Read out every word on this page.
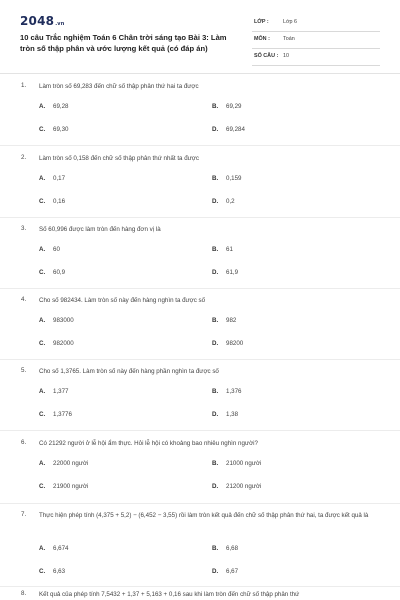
2048.vn
10 câu Trắc nghiệm Toán 6 Chân trời sáng tạo Bài 3: Làm tròn số thập phân và ước lượng kết quả (có đáp án)
LỚP :	Lớp 6
MÔN : Toán
SỐ CÂU : 10
1. Làm tròn số 69,283 đến chữ số thập phân thứ hai ta được
A. 69,28	B. 69,29
C. 69,30	D. 69,284
2. Làm tròn số 0,158 đến chữ số thập phân thứ nhất ta được
A. 0,17	B. 0,159
C. 0,16	D. 0,2
3. Số 60,996 được làm tròn đến hàng đơn vị là
A. 60	B. 61
C. 60,9	D. 61,9
4. Cho số 982434. Làm tròn số này đến hàng nghìn ta được số
A. 983000	B. 982
C. 982000	D. 98200
5. Cho số 1,3765. Làm tròn số này đến hàng phần nghìn ta được số
A. 1,377	B. 1,376
C. 1,3776	D. 1,38
6. Có 21292 người ở lễ hội ẩm thực. Hỏi lễ hội có khoảng bao nhiêu nghìn người?
A. 22000 người	B. 21000 người
C. 21900 người	D. 21200 người
7. Thực hiện phép tính (4,375 + 5,2) − (6,452 − 3,55) rồi làm tròn kết quả đến chữ số thập phân thứ hai, ta được kết quả là
A. 6,674	B. 6,68
C. 6,63	D. 6,67
8. Kết quả của phép tính 7,5432 + 1,37 + 5,163 + 0,16 sau khi làm tròn đến chữ số thập phân thứ
